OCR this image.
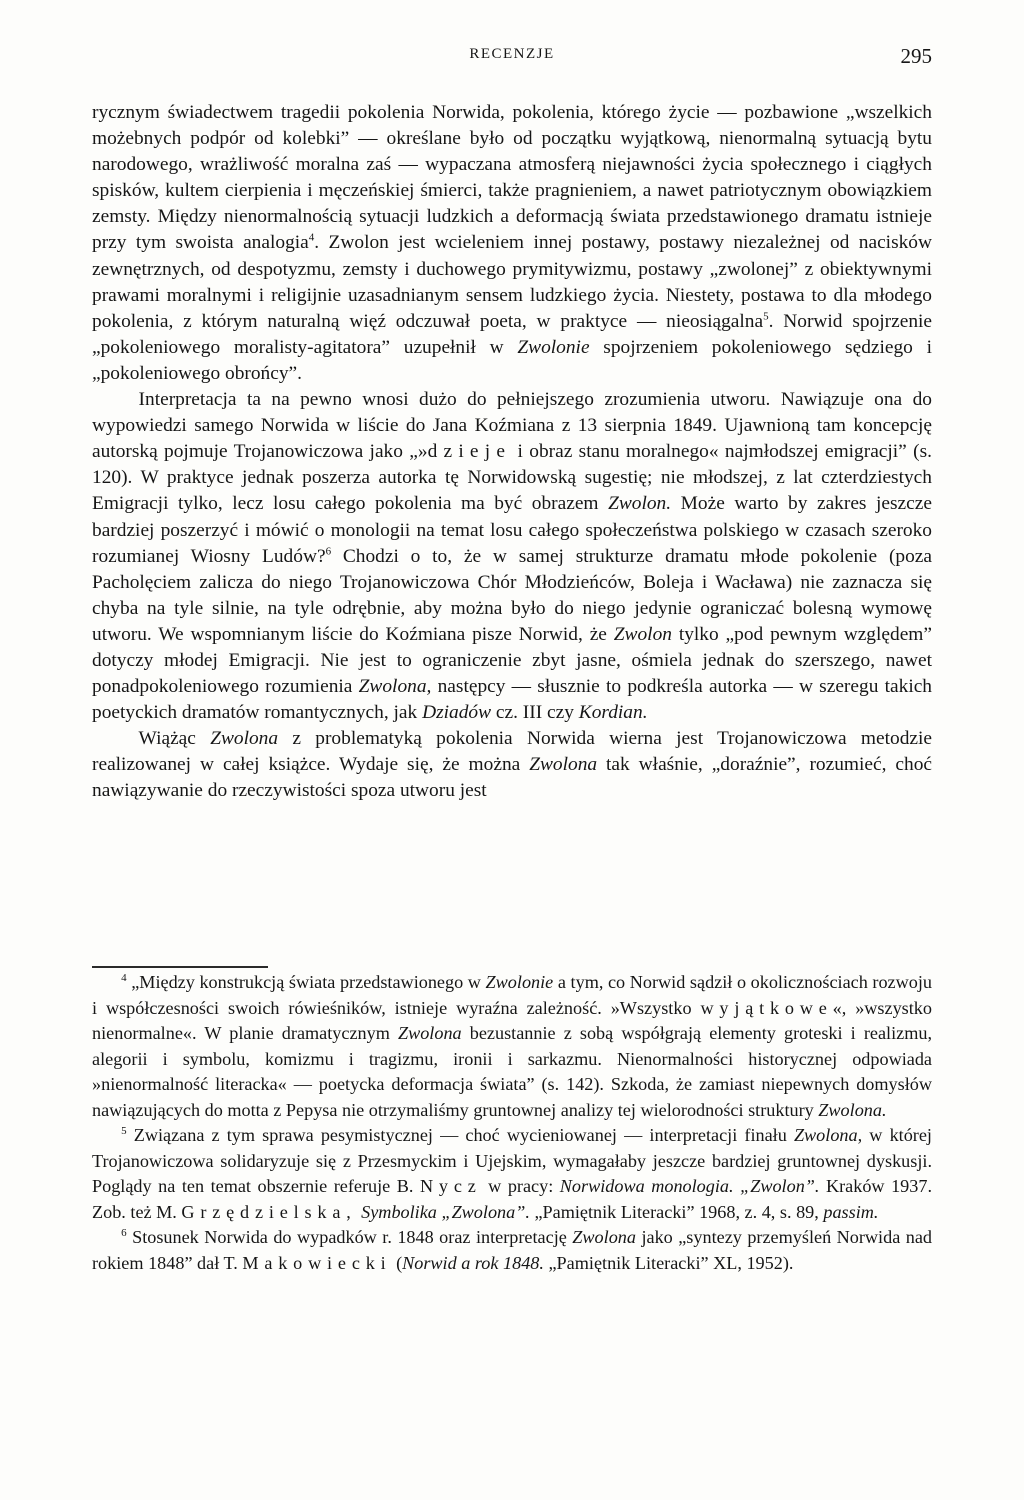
RECENZJE	295

rycznym świadectwem tragedii pokolenia Norwida, pokolenia, którego życie — pozbawione „wszelkich możebnych podpór od kolebki” — określane było od początku wyjątkową, nienormalną sytuacją bytu narodowego, wrażliwość moralna zaś — wypaczana atmosferą niejawności życia społecznego i ciągłych spisków, kultem cierpienia i męczeńskiej śmierci, także pragnieniem, a nawet patriotycznym obowiązkiem zemsty. Między nienormalnością sytuacji ludzkich a deformacją świata przedstawionego dramatu istnieje przy tym swoista analogia$^4$. Zwolon jest wcieleniem innej postawy, postawy niezależnej od nacisków zewnętrznych, od despotyzmu, zemsty i duchowego prymitywizmu, postawy „zwolonej” z obiektywnymi prawami moralnymi i religijnie uzasadnianym sensem ludzkiego życia. Niestety, postawa to dla młodego pokolenia, z którym naturalną więź odczuwał poeta, w praktyce — nieosiągalna$^5$. Norwid spojrzenie „pokoleniowego moralisty-agitatora” uzupełnił w Zwolonie spojrzeniem pokoleniowego sędziego i „pokoleniowego obrońcy”.

Interpretacja ta na pewno wnosi dużo do pełniejszego zrozumienia utworu. Nawiązuje ona do wypowiedzi samego Norwida w liście do Jana Koźmiana z 13 sierpnia 1849. Ujawnioną tam koncepcję autorską pojmuje Trojanowiczowa jako „»dzieje i obraz stanu moralnego« najmłodszej emigracji” (s. 120). W praktyce jednak poszerza autorka tę Norwidowską sugestię; nie młodszej, z lat czterdziestych Emigracji tylko, lecz losu całego pokolenia ma być obrazem Zwolon. Może warto by zakres jeszcze bardziej poszerzyć i mówić o monologii na temat losu całego społeczeństwa polskiego w czasach szeroko rozumianej Wiosny Ludów?$^6$ Chodzi o to, że w samej strukturze dramatu młode pokolenie (poza Pacholęciem zalicza do niego Trojanowiczowa Chór Młodzieńców, Boleja i Wacława) nie zaznacza się chyba na tyle silnie, na tyle odrębnie, aby można było do niego jedynie ograniczać bolesną wymowę utworu. We wspomnianym liście do Koźmiana pisze Norwid, że Zwolon tylko „pod pewnym względem” dotyczy młodej Emigracji. Nie jest to ograniczenie zbyt jasne, ośmiela jednak do szerszego, nawet ponadpokoleniowego rozumienia Zwolona, następcy — słusznie to podkreśla autorka — w szeregu takich poetyckich dramatów romantycznych, jak Dziadów cz. III czy Kordian.

Wiążąc Zwolona z problematyką pokolenia Norwida wierna jest Trojanowiczowa metodzie realizowanej w całej książce. Wydaje się, że można Zwolona tak właśnie, „doraźnie”, rozumieć, choć nawiązywanie do rzeczywistości spoza utworu jest

$^4$ „Między konstrukcją świata przedstawionego w Zwolonie a tym, co Norwid sądził o okolicznościach rozwoju i współczesności swoich rówieśników, istnieje wyraźna zależność. »Wszystko wyjątkowe«, »wszystko nienormalne«. W planie dramatycznym Zwolona bezustannie z sobą współgrają elementy groteski i realizmu, alegorii i symbolu, komizmu i tragizmu, ironii i sarkazmu. Nienormalności historycznej odpowiada »nienormalność literacka« — poetycka deformacja świata” (s. 142). Szkoda, że zamiast niepewnych domysłów nawiązujących do motta z Pepysa nie otrzymaliśmy gruntownej analizy tej wielorodności struktury Zwolona.

$^5$ Związana z tym sprawa pesymistycznej — choć wycieniowanej — interpretacji finału Zwolona, w której Trojanowiczowa solidaryzuje się z Przesmyckim i Ujejskim, wymagałaby jeszcze bardziej gruntownej dyskusji. Poglądy na ten temat obszernie referuje B. Nycz w pracy: Norwidowa monologia. „Zwolon”. Kraków 1937. Zob. też M. Grzędzielska, Symbolika „Zwolona”. „Pamiętnik Literacki” 1968, z. 4, s. 89, passim.

$^6$ Stosunek Norwida do wypadków r. 1848 oraz interpretację Zwolona jako „syntezy przemyśleń Norwida nad rokiem 1848” dał T. Makowiecki (Norwid a rok 1848. „Pamiętnik Literacki” XL, 1952).
